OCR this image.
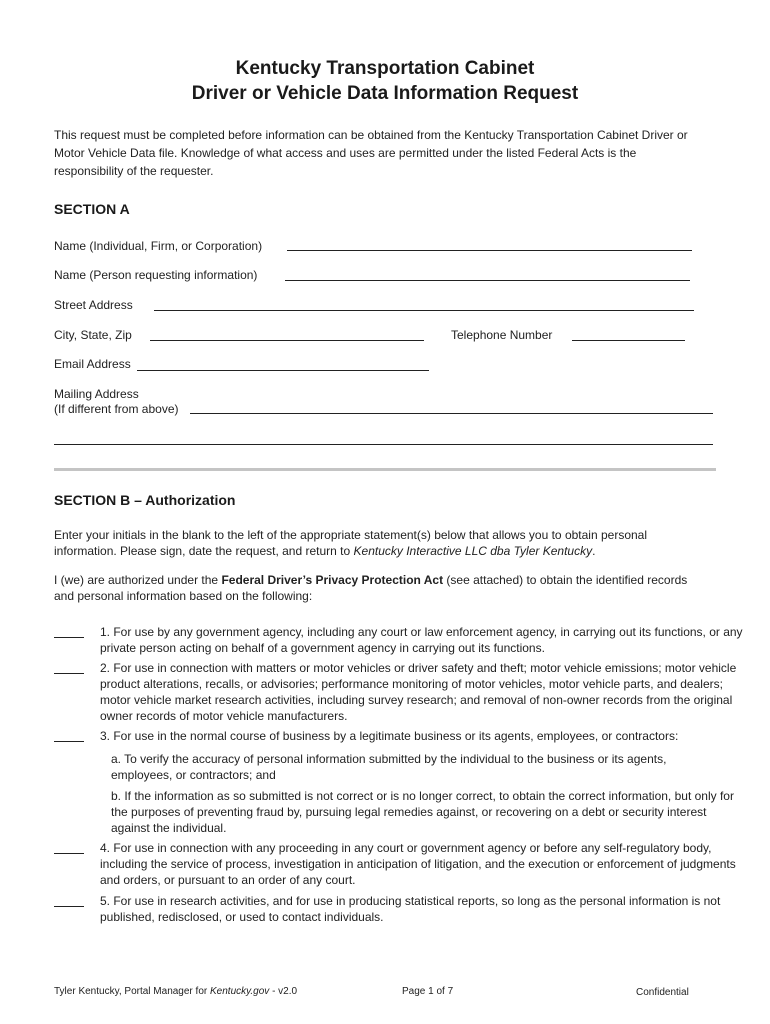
Kentucky Transportation Cabinet
Driver or Vehicle Data Information Request
This request must be completed before information can be obtained from the Kentucky Transportation Cabinet Driver or Motor Vehicle Data file. Knowledge of what access and uses are permitted under the listed Federal Acts is the responsibility of the requester.
SECTION A
Name (Individual, Firm, or Corporation)
Name (Person requesting information)
Street Address
City, State, Zip	Telephone Number
Email Address
Mailing Address
(If different from above)
SECTION B – Authorization
Enter your initials in the blank to the left of the appropriate statement(s) below that allows you to obtain personal information. Please sign, date the request, and return to Kentucky Interactive LLC dba Tyler Kentucky.
I (we) are authorized under the Federal Driver’s Privacy Protection Act (see attached) to obtain the identified records and personal information based on the following:
1. For use by any government agency, including any court or law enforcement agency, in carrying out its functions, or any private person acting on behalf of a government agency in carrying out its functions.
2. For use in connection with matters or motor vehicles or driver safety and theft; motor vehicle emissions; motor vehicle product alterations, recalls, or advisories; performance monitoring of motor vehicles, motor vehicle parts, and dealers; motor vehicle market research activities, including survey research; and removal of non-owner records from the original owner records of motor vehicle manufacturers.
3. For use in the normal course of business by a legitimate business or its agents, employees, or contractors:
a. To verify the accuracy of personal information submitted by the individual to the business or its agents, employees, or contractors; and
b. If the information as so submitted is not correct or is no longer correct, to obtain the correct information, but only for the purposes of preventing fraud by, pursuing legal remedies against, or recovering on a debt or security interest against the individual.
4. For use in connection with any proceeding in any court or government agency or before any self-regulatory body, including the service of process, investigation in anticipation of litigation, and the execution or enforcement of judgments and orders, or pursuant to an order of any court.
5. For use in research activities, and for use in producing statistical reports, so long as the personal information is not published, redisclosed, or used to contact individuals.
Tyler Kentucky, Portal Manager for Kentucky.gov - v2.0	Page 1 of 7	Confidential
